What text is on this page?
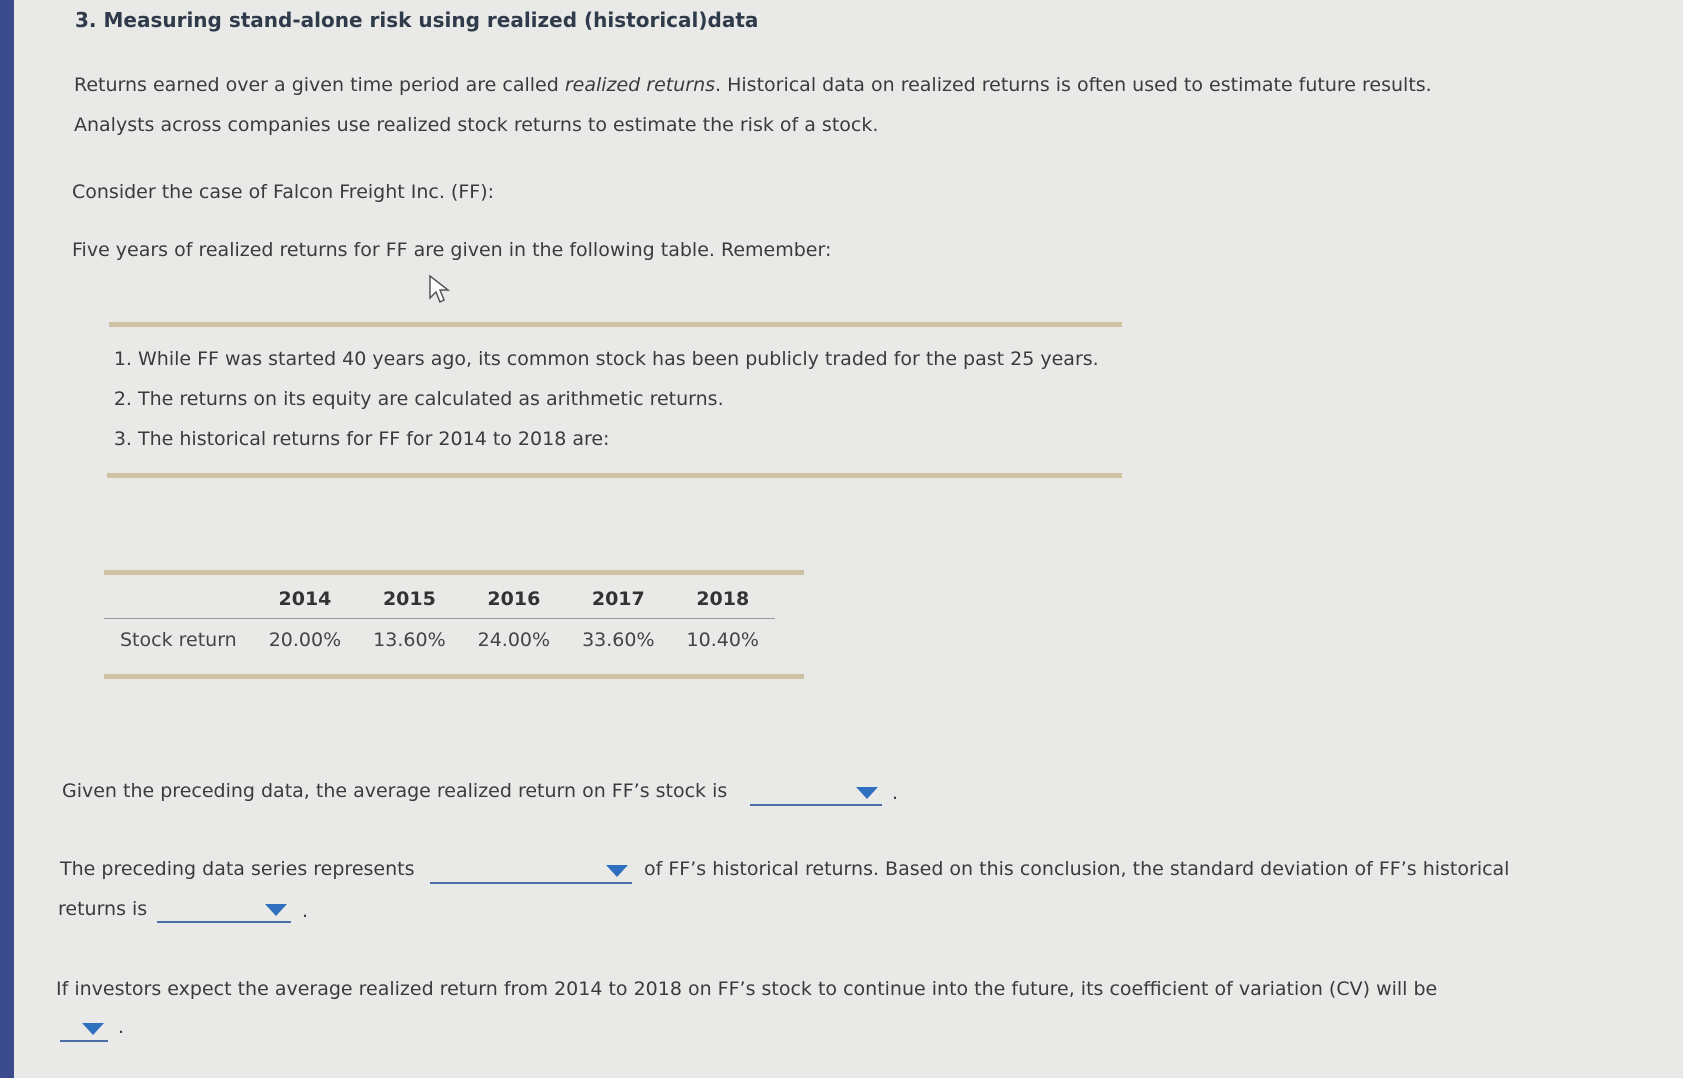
3. Measuring stand-alone risk using realized (historical)data
Returns earned over a given time period are called realized returns. Historical data on realized returns is often used to estimate future results.
Analysts across companies use realized stock returns to estimate the risk of a stock.
Consider the case of Falcon Freight Inc. (FF):
Five years of realized returns for FF are given in the following table. Remember:
1. While FF was started 40 years ago, its common stock has been publicly traded for the past 25 years.
2. The returns on its equity are calculated as arithmetic returns.
3. The historical returns for FF for 2014 to 2018 are:
	2014	2015	2016	2017	2018
Stock return	20.00%	13.60%	24.00%	33.60%	10.40%
Given the preceding data, the average realized return on FF’s stock is	.
The preceding data series represents	of FF’s historical returns. Based on this conclusion, the standard deviation of FF’s historical
returns is	.
If investors expect the average realized return from 2014 to 2018 on FF’s stock to continue into the future, its coefficient of variation (CV) will be
.
